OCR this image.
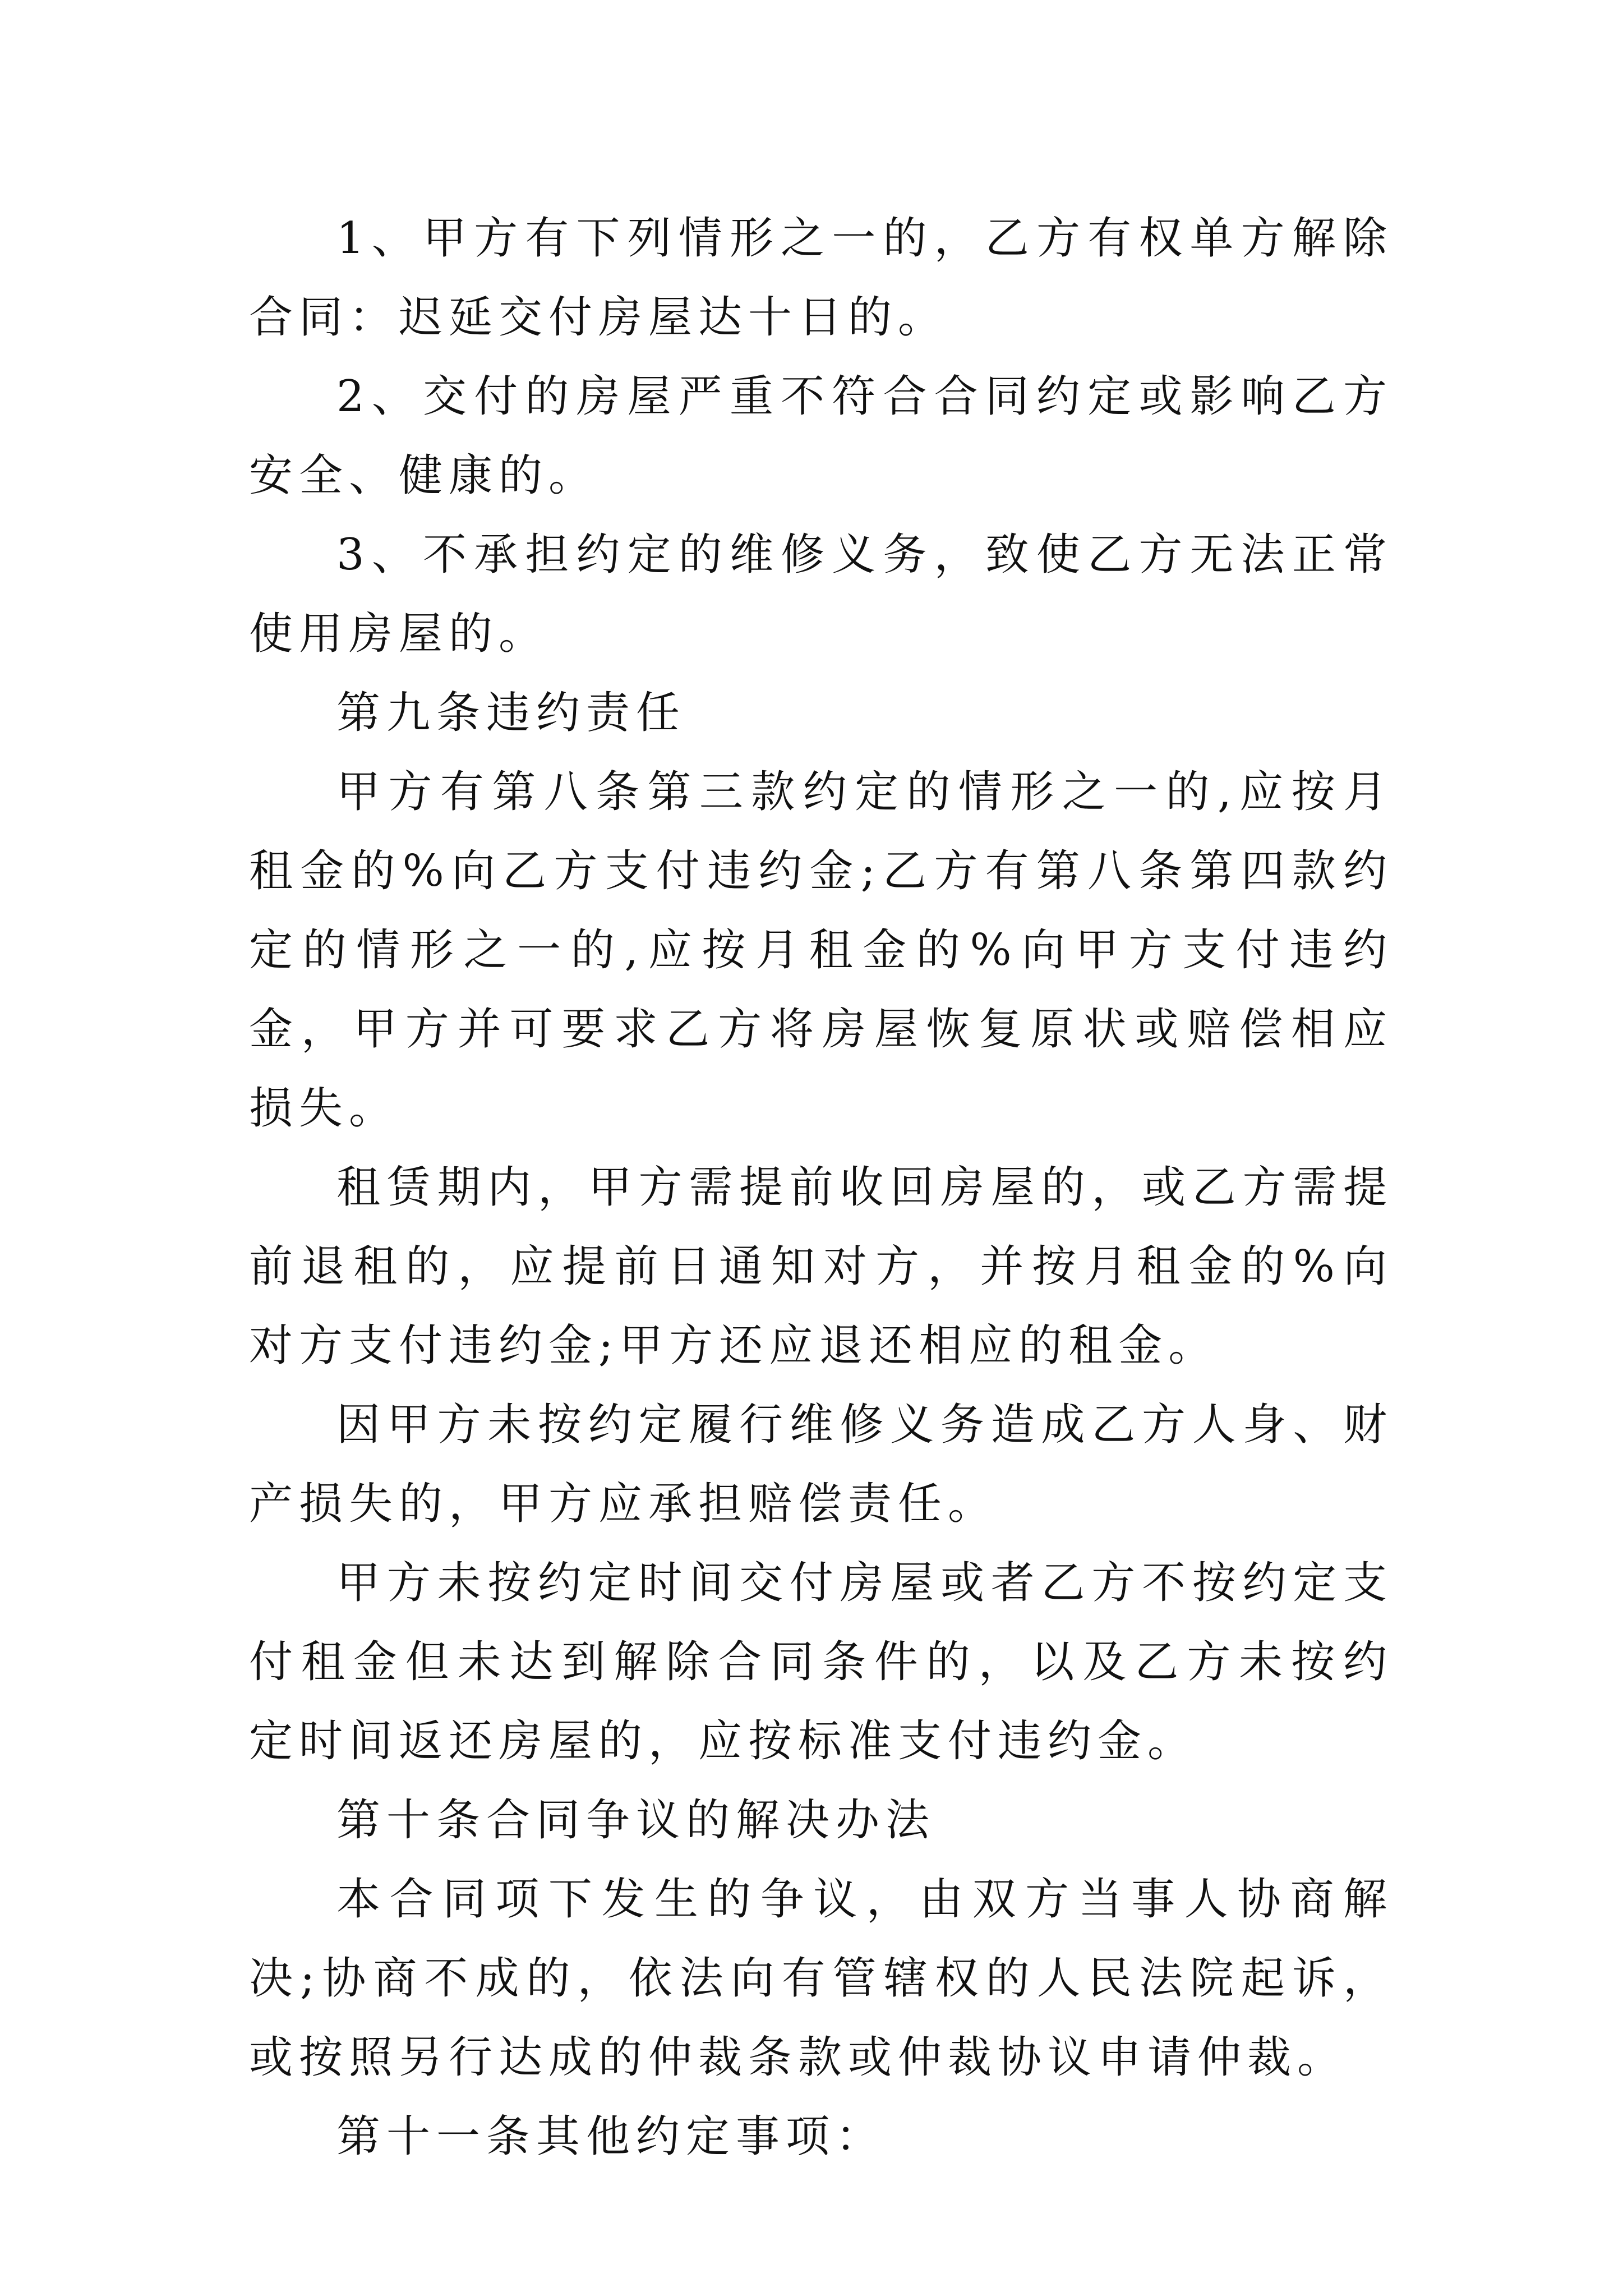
1、甲方有下列情形之一的，乙方有权单方解除合同：迟延交付房屋达十日的。

2、交付的房屋严重不符合合同约定或影响乙方安全、健康的。

3、不承担约定的维修义务，致使乙方无法正常使用房屋的。

第九条违约责任

甲方有第八条第三款约定的情形之一的,应按月租金的%向乙方支付违约金;乙方有第八条第四款约定的情形之一的,应按月租金的%向甲方支付违约金，甲方并可要求乙方将房屋恢复原状或赔偿相应损失。

租赁期内，甲方需提前收回房屋的，或乙方需提前退租的，应提前日通知对方，并按月租金的%向对方支付违约金;甲方还应退还相应的租金。

因甲方未按约定履行维修义务造成乙方人身、财产损失的，甲方应承担赔偿责任。

甲方未按约定时间交付房屋或者乙方不按约定支付租金但未达到解除合同条件的，以及乙方未按约定时间返还房屋的，应按标准支付违约金。

第十条合同争议的解决办法

本合同项下发生的争议，由双方当事人协商解决;协商不成的，依法向有管辖权的人民法院起诉，或按照另行达成的仲裁条款或仲裁协议申请仲裁。

第十一条其他约定事项：
